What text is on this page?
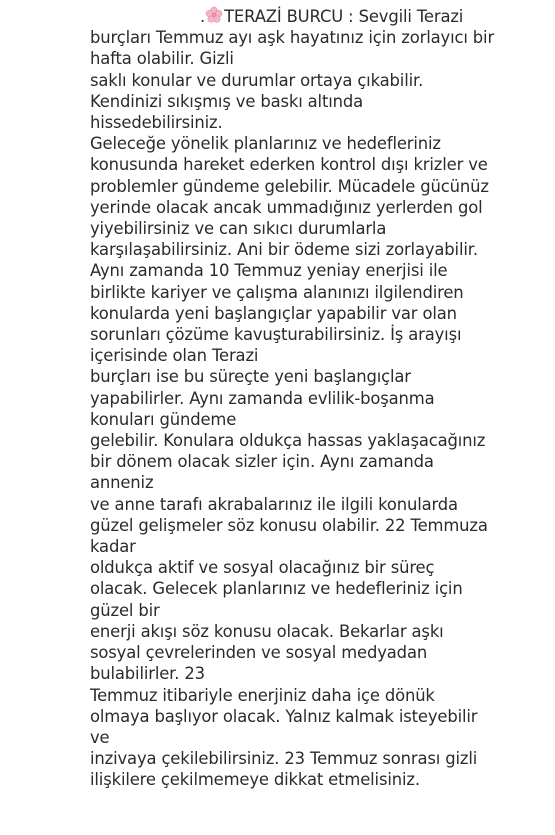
. TERAZİ BURCU : Sevgili Terazi
burçları Temmuz ayı aşk hayatınız için zorlayıcı bir
hafta olabilir. Gizli
saklı konular ve durumlar ortaya çıkabilir.
Kendinizi sıkışmış ve baskı altında
hissedebilirsiniz.
Geleceğe yönelik planlarınız ve hedefleriniz
konusunda hareket ederken kontrol dışı krizler ve
problemler gündeme gelebilir. Mücadele gücünüz
yerinde olacak ancak ummadığınız yerlerden gol
yiyebilirsiniz ve can sıkıcı durumlarla
karşılaşabilirsiniz. Ani bir ödeme sizi zorlayabilir.
Aynı zamanda 10 Temmuz yeniay enerjisi ile
birlikte kariyer ve çalışma alanınızı ilgilendiren
konularda yeni başlangıçlar yapabilir var olan
sorunları çözüme kavuşturabilirsiniz. İş arayışı
içerisinde olan Terazi
burçları ise bu süreçte yeni başlangıçlar
yapabilirler. Aynı zamanda evlilik-boşanma
konuları gündeme
gelebilir. Konulara oldukça hassas yaklaşacağınız
bir dönem olacak sizler için. Aynı zamanda
anneniz
ve anne tarafı akrabalarınız ile ilgili konularda
güzel gelişmeler söz konusu olabilir. 22 Temmuza
kadar
oldukça aktif ve sosyal olacağınız bir süreç
olacak. Gelecek planlarınız ve hedefleriniz için
güzel bir
enerji akışı söz konusu olacak. Bekarlar aşkı
sosyal çevrelerinden ve sosyal medyadan
bulabilirler. 23
Temmuz itibariyle enerjiniz daha içe dönük
olmaya başlıyor olacak. Yalnız kalmak isteyebilir
ve
inzivaya çekilebilirsiniz. 23 Temmuz sonrası gizli
ilişkilere çekilmemeye dikkat etmelisiniz.
